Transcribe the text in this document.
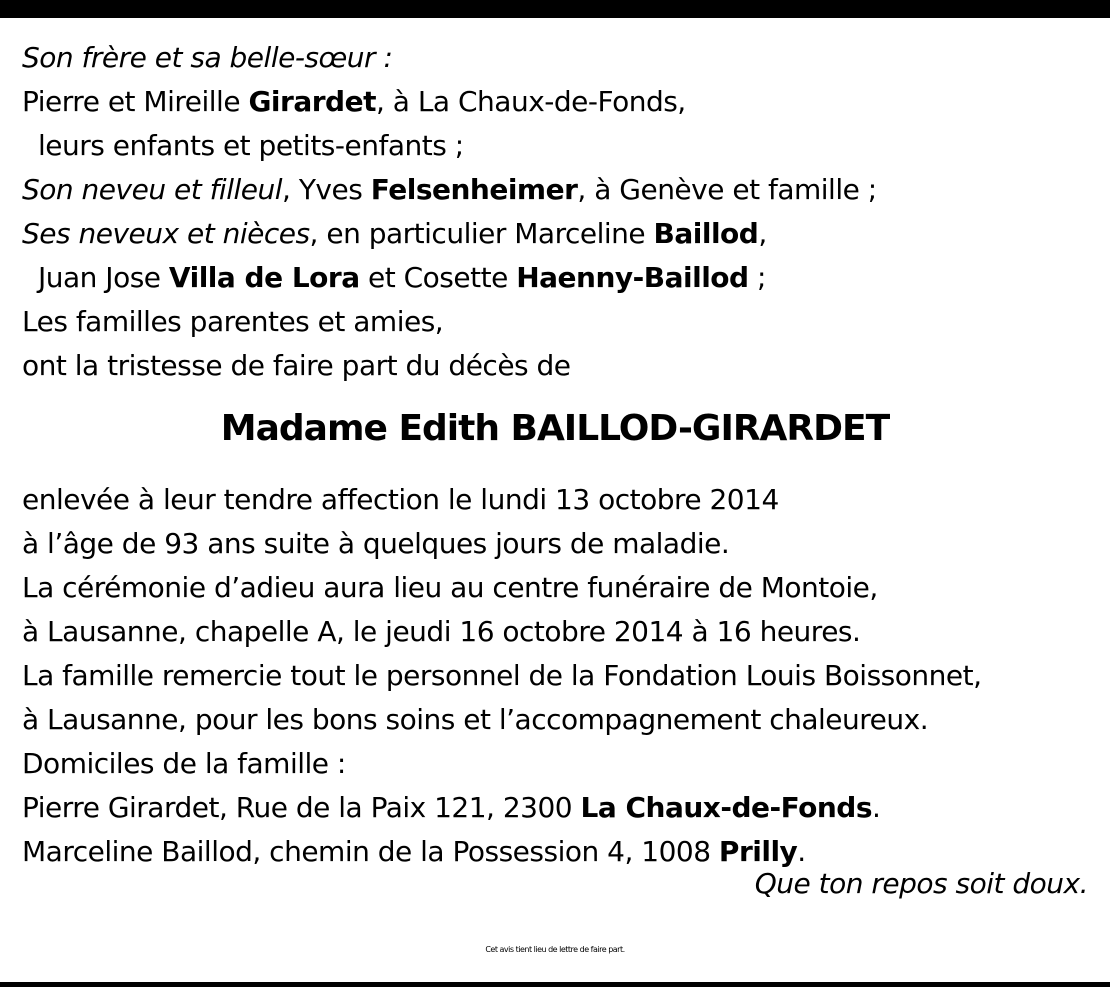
Son frère et sa belle-sœur :
Pierre et Mireille Girardet, à La Chaux-de-Fonds,
leurs enfants et petits-enfants ;
Son neveu et filleul, Yves Felsenheimer, à Genève et famille ;
Ses neveux et nièces, en particulier Marceline Baillod,
Juan Jose Villa de Lora et Cosette Haenny-Baillod ;
Les familles parentes et amies,
ont la tristesse de faire part du décès de
Madame Edith BAILLOD-GIRARDET
enlevée à leur tendre affection le lundi 13 octobre 2014
à l’âge de 93 ans suite à quelques jours de maladie.
La cérémonie d’adieu aura lieu au centre funéraire de Montoie,
à Lausanne, chapelle A, le jeudi 16 octobre 2014 à 16 heures.
La famille remercie tout le personnel de la Fondation Louis Boissonnet,
à Lausanne, pour les bons soins et l’accompagnement chaleureux.
Domiciles de la famille :
Pierre Girardet, Rue de la Paix 121, 2300 La Chaux-de-Fonds.
Marceline Baillod, chemin de la Possession 4, 1008 Prilly.
Que ton repos soit doux.
Cet avis tient lieu de lettre de faire part.
